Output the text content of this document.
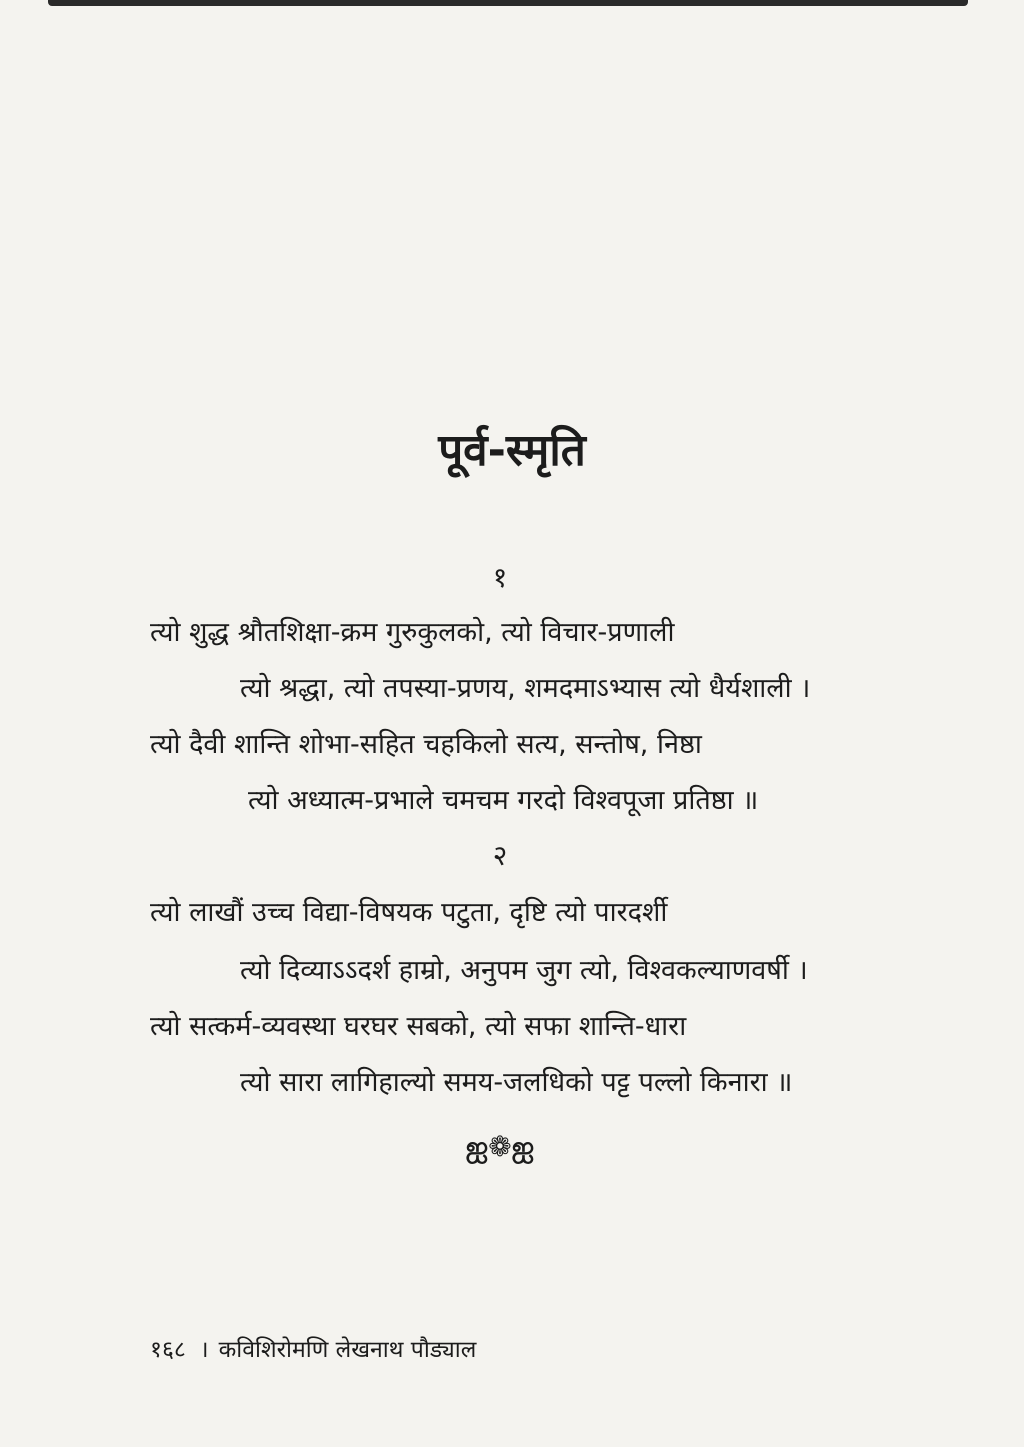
पूर्व-स्मृति
१
त्यो शुद्ध श्रौतशिक्षा-क्रम गुरुकुलको, त्यो विचार-प्रणाली
त्यो श्रद्धा, त्यो तपस्या-प्रणय, शमदमाऽभ्यास त्यो धैर्यशाली ।
त्यो दैवी शान्ति शोभा-सहित चहकिलो सत्य, सन्तोष, निष्ठा
त्यो अध्यात्म-प्रभाले चमचम गरदो विश्वपूजा प्रतिष्ठा ॥
२
त्यो लाखौं उच्च विद्या-विषयक पटुता, दृष्टि त्यो पारदर्शी
त्यो दिव्याऽऽदर्श हाम्रो, अनुपम जुग त्यो, विश्वकल्याणवर्षी ।
त्यो सत्कर्म-व्यवस्था घरघर सबको, त्यो सफा शान्ति-धारा
त्यो सारा लागिहाल्यो समय-जलधिको पट्ट पल्लो किनारा ॥
ஐ❁ஐ
१६८ । कविशिरोमणि लेखनाथ पौड्याल
